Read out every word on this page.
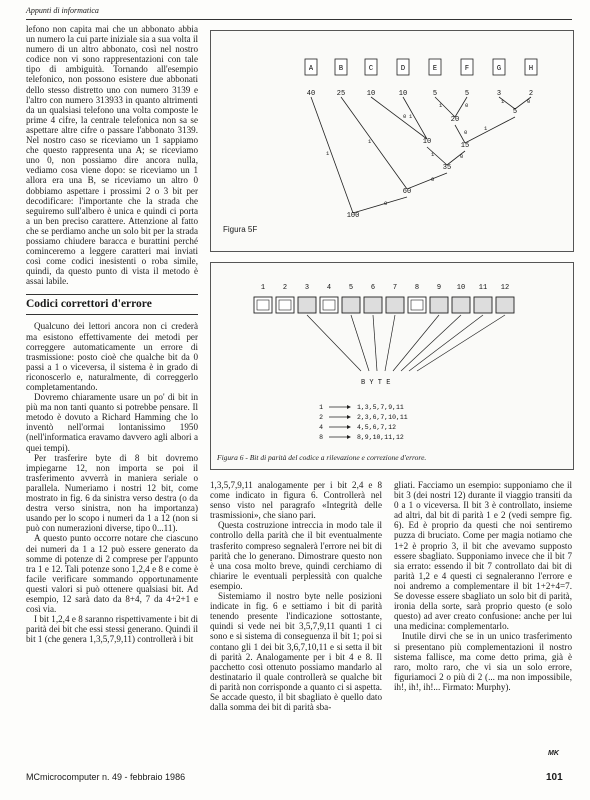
Appunti di informatica

lefono non capita mai che un abbonato abbia un numero la cui parte iniziale sia a sua volta il numero di un altro abbonato, così nel nostro codice non vi sono rappresentazioni con tale tipo di ambiguità. Tornando all'esempio telefonico, non possono esistere due abbonati dello stesso distretto uno con numero 3139 e l'altro con numero 313933 in quanto altrimenti da un qualsiasi telefono una volta composte le prime 4 cifre, la centrale telefonica non sa se aspettare altre cifre o passare l'abbonato 3139. Nel nostro caso se riceviamo un 1 sappiamo che questo rappresenta una A; se riceviamo uno 0, non possiamo dire ancora nulla, vediamo cosa viene dopo: se riceviamo un 1 allora era una B, se riceviamo un altro 0 dobbiamo aspettare i prossimi 2 o 3 bit per decodificare: l'importante che la strada che seguiremo sull'albero è unica e quindi ci porta a un ben preciso carattere. Attenzione al fatto che se perdiamo anche un solo bit per la strada possiamo chiudere baracca e burattini perché cominceremo a leggere caratteri mai inviati così come codici inesistenti o roba simile, quindi, da questo punto di vista il metodo è assai labile.

Codici correttori d'errore

Qualcuno dei lettori ancora non ci crederà ma esistono effettivamente dei metodi per correggere automaticamente un errore di trasmissione: posto cioè che qualche bit da 0 passi a 1 o viceversa, il sistema è in grado di riconoscerlo e, naturalmente, di correggerlo completamentando.

Dovremo chiaramente usare un po' di bit in più ma non tanti quanto si potrebbe pensare. Il metodo è dovuto a Richard Hamming che lo inventò nell'ormai lontanissimo 1950 (nell'informatica eravamo davvero agli albori a quei tempi).

Per trasferire byte di 8 bit dovremo impiegarne 12, non importa se poi il trasferimento avverrà in maniera seriale o parallela. Numeriamo i nostri 12 bit, come mostrato in fig. 6 da sinistra verso destra (o da destra verso sinistra, non ha importanza) usando per lo scopo i numeri da 1 a 12 (non si può con numerazioni diverse, tipo 0...11).

A questo punto occorre notare che ciascuno dei numeri da 1 a 12 può essere generato da somme di potenze di 2 comprese per l'appunto tra 1 e 12. Tali potenze sono 1,2,4 e 8 e come è facile verificare sommando opportunamente questi valori si può ottenere qualsiasi bit. Ad esempio, 12 sarà dato da 8+4, 7 da 4+2+1 e così via.

I bit 1,2,4 e 8 saranno rispettivamente i bit di parità dei bit che essi stessi generano. Quindi il bit 1 (che genera 1,3,5,7,9,11) controllerà i bit

A	B	C	D	E	F	G	H
40	25	10	10	5	5	3	2
5
20
10	15
35
60
100
1	0
1	0
1
0
1
0
1	0
1
0
1
0
Figura 5F
1	2	3	4	5	6	7	8	9 10 11 12
1	1,3,5,7,9,11
2	2,3,6,7,10,11
4	4,5,6,7,12
8	8,9,10,11,12
B Y T E
Figura 6 - Bit di parità del codice a rilevazione e correzione d'errore.

1,3,5,7,9,11 analogamente per i bit 2,4 e 8 come indicato in figura 6. Controllerà nel senso visto nel paragrafo «Integrità delle trasmissioni», che siano pari.

Questa costruzione intreccia in modo tale il controllo della parità che il bit eventualmente trasferito compreso segnalerà l'errore nei bit di parità che lo generano. Dimostrare questo non è una cosa molto breve, quindi cerchiamo di chiarire le eventuali perplessità con qualche esempio.

Sistemiamo il nostro byte nelle posizioni indicate in fig. 6 e settiamo i bit di parità tenendo presente l'indicazione sottostante, quindi si vede nei bit 3,5,7,9,11 quanti 1 ci sono e si sistema di conseguenza il bit 1; poi si contano gli 1 dei bit 3,6,7,10,11 e si setta il bit di parità 2. Analogamente per i bit 4 e 8. Il pacchetto così ottenuto possiamo mandarlo al destinatario il quale controllerà se qualche bit di parità non corrisponde a quanto ci si aspetta. Se accade questo, il bit sbagliato è quello dato dalla somma dei bit di parità sba-

gliati. Facciamo un esempio: supponiamo che il bit 3 (dei nostri 12) durante il viaggio transiti da 0 a 1 o viceversa. Il bit 3 è controllato, insieme ad altri, dal bit di parità 1 e 2 (vedi sempre fig. 6). Ed è proprio da questi che noi sentiremo puzza di bruciato. Come per magia notiamo che 1+2 è proprio 3, il bit che avevamo supposto essere sbagliato. Supponiamo invece che il bit 7 sia errato: essendo il bit 7 controllato dai bit di parità 1,2 e 4 questi ci segnaleranno l'errore e noi andremo a complementare il bit 1+2+4=7. Se dovesse essere sbagliato un solo bit di parità, ironia della sorte, sarà proprio questo (e solo questo) ad aver creato confusione: anche per lui una medicina: complementarlo.

Inutile dirvi che se in un unico trasferimento si presentano più complementazioni il nostro sistema fallisce, ma come detto prima, già è raro, molto raro, che vi sia un solo errore, figuriamoci 2 o più di 2 (... ma non impossibile, ih!, ih!, ih!... Firmato: Murphy).

MK
MCmicrocomputer n. 49 - febbraio 1986	101
